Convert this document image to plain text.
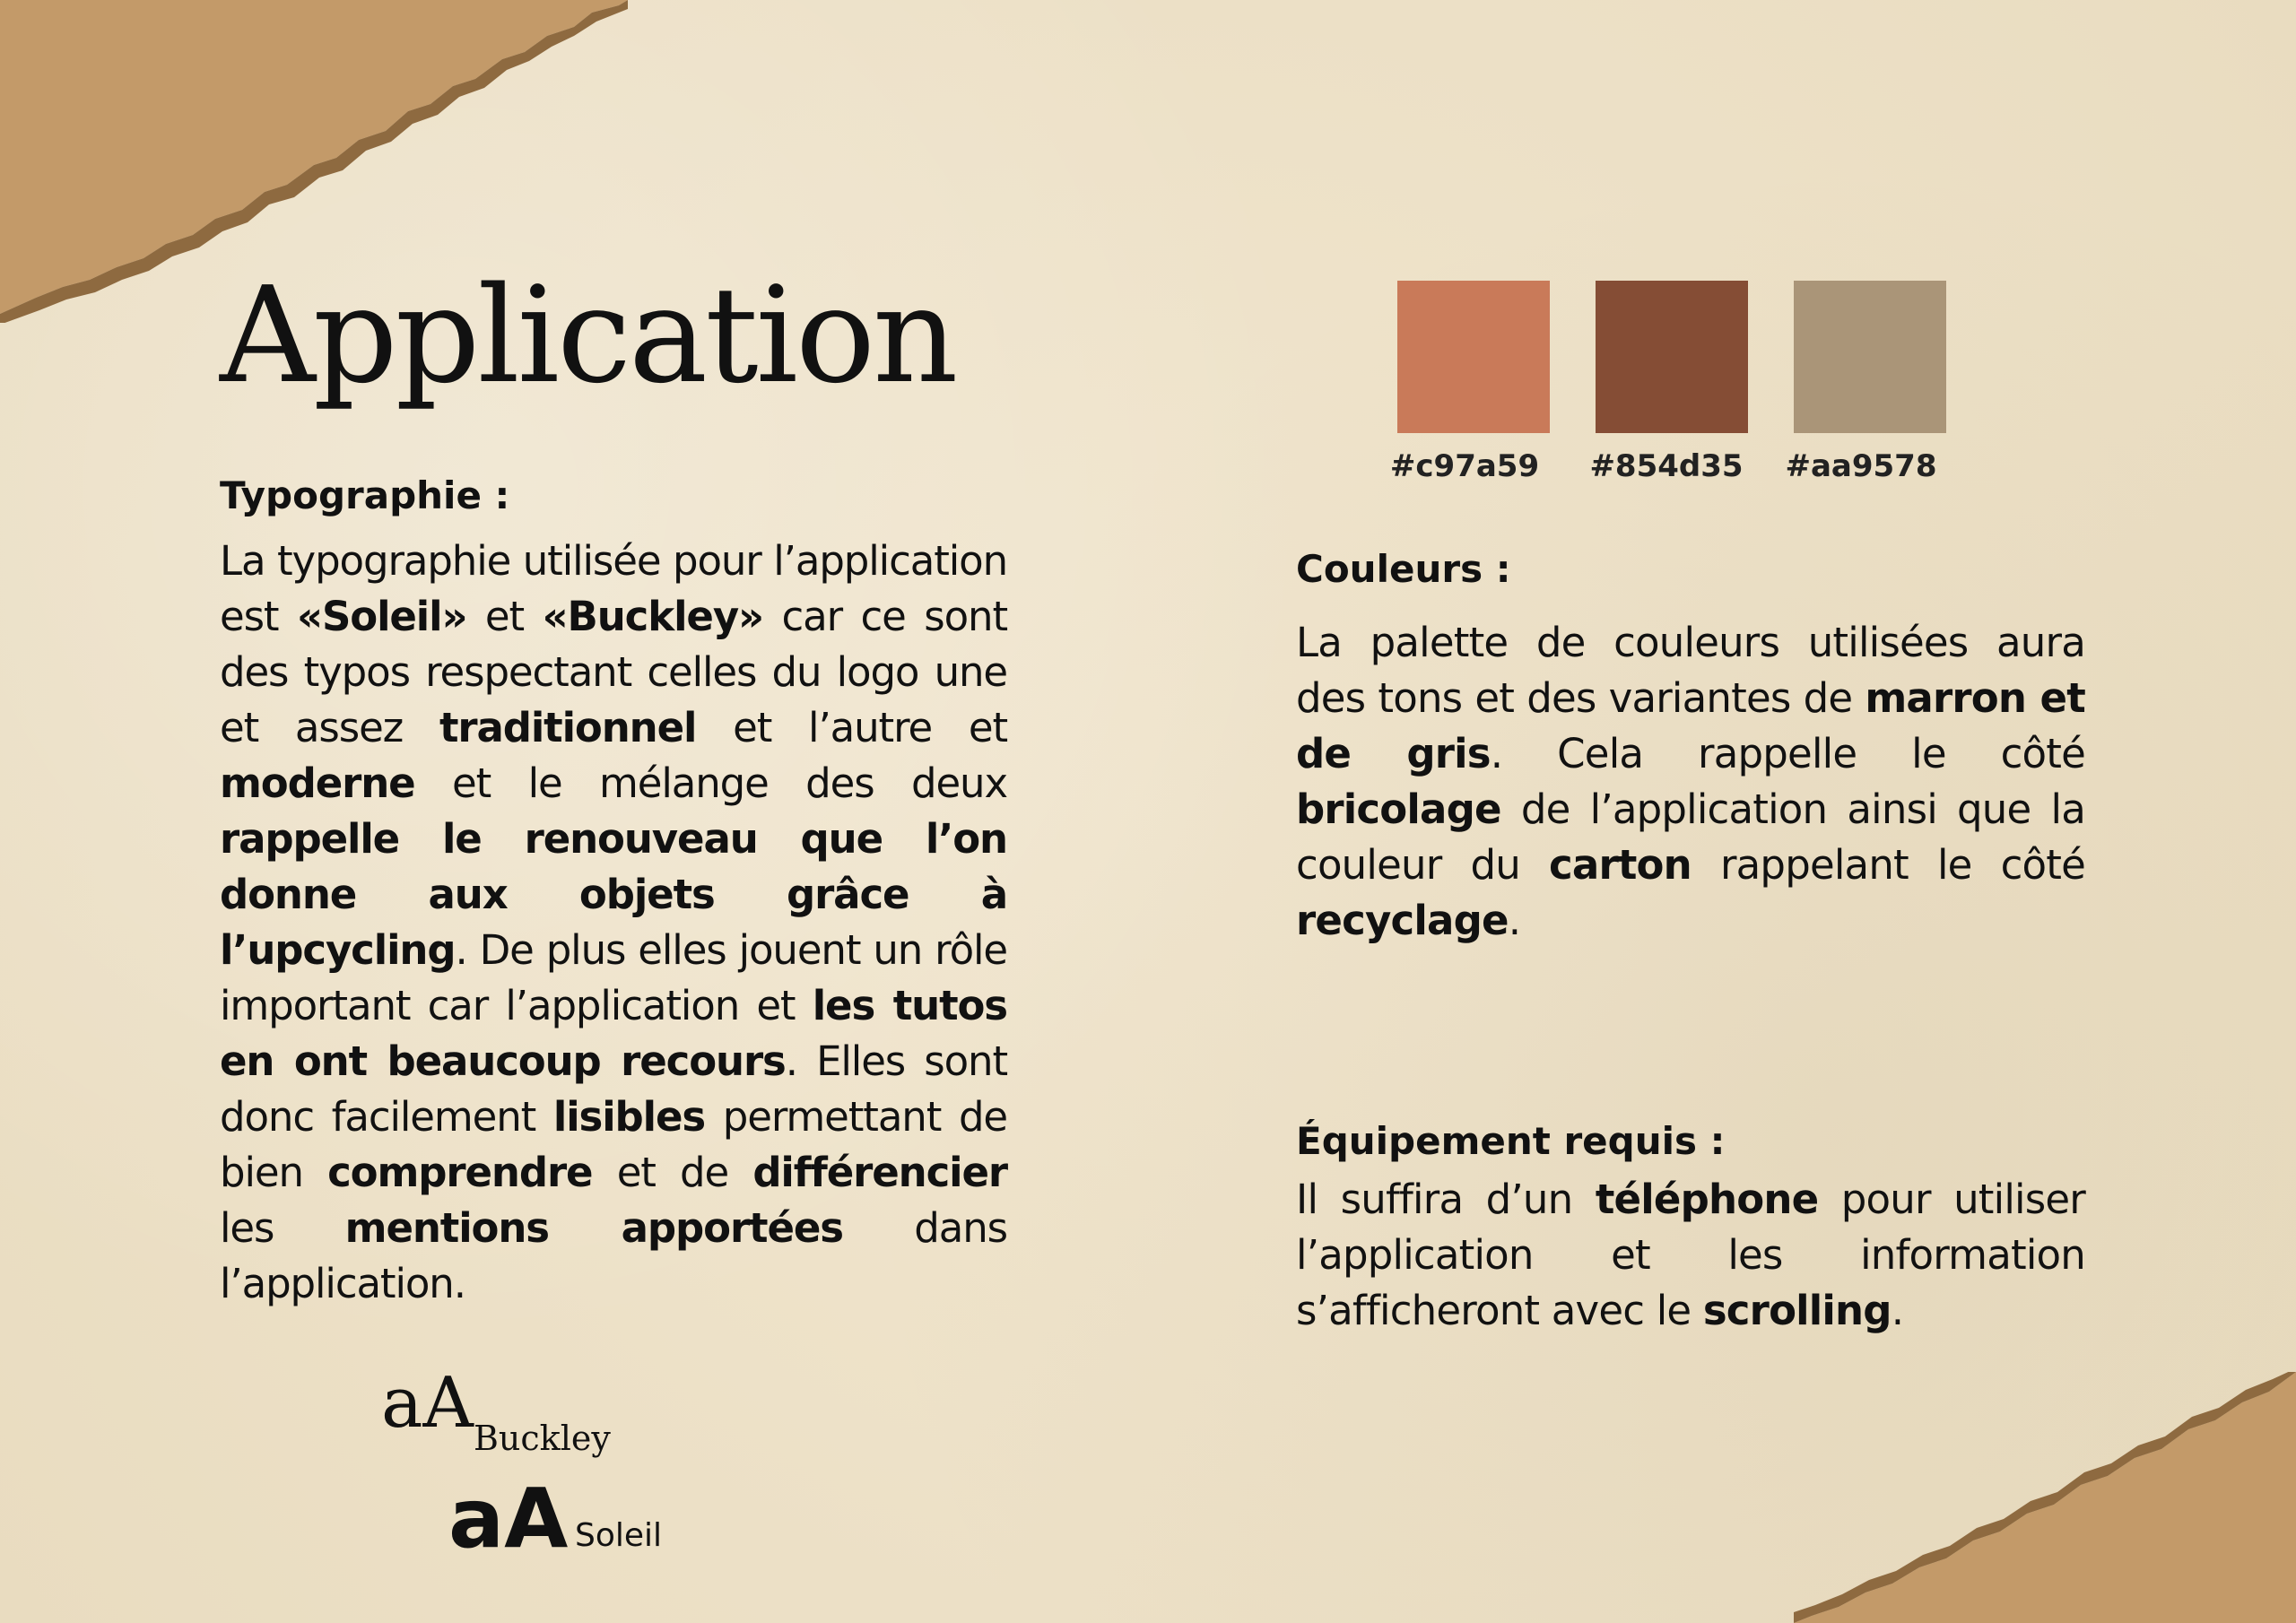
Application

Typographie :

La typographie utilisée pour l’application est «Soleil» et «Buckley» car ce sont des typos respectant celles du logo une et assez traditionnel et l’autre et moderne et le mélange des deux rappelle le renouveau que l’on donne aux objets grâce à l’upcycling. De plus elles jouent un rôle important car l’application et les tutos en ont beaucoup recours. Elles sont donc facilement lisibles permettant de bien comprendre et de différencier les mentions apportées dans l’application.

aA Buckley
aA Soleil
#c97a59	#854d35	#aa9578

Couleurs :

La palette de couleurs utilisées aura des tons et des variantes de marron et de gris. Cela rappelle le côté bricolage de l’application ainsi que la couleur du carton rappelant le côté recyclage.

Équipement requis :

Il suffira d’un téléphone pour utiliser l’application et les information s’afficheront avec le scrolling.
